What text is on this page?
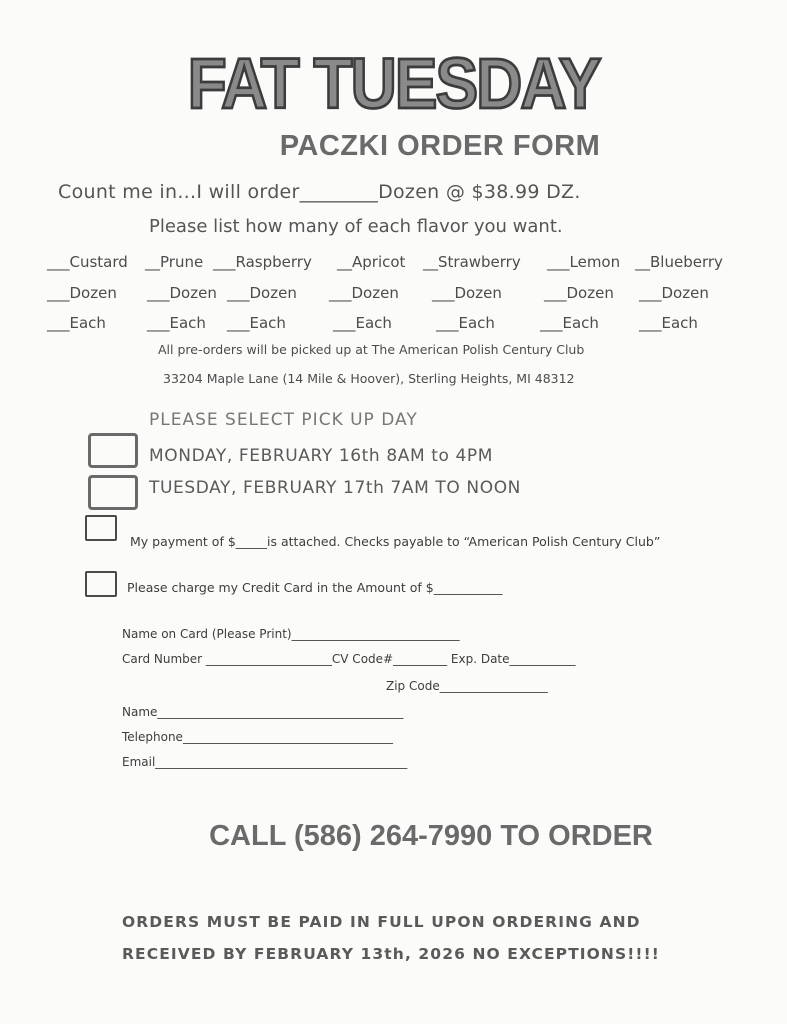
FAT TUESDAY
PACZKI ORDER FORM
Count me in...I will order________Dozen @ $38.99 DZ.
Please list how many of each flavor you want.
___Custard __Prune ___Raspberry __Apricot __Strawberry ___Lemon __Blueberry
___Dozen ___Dozen ___Dozen ___Dozen ___Dozen	___Dozen ___Dozen
___Each	___Each ___Each	___Each	___Each	___Each	___Each
All pre-orders will be picked up at The American Polish Century Club
33204 Maple Lane (14 Mile & Hoover), Sterling Heights, MI 48312
PLEASE SELECT PICK UP DAY
MONDAY, FEBRUARY 16th 8AM to 4PM
TUESDAY, FEBRUARY 17th 7AM TO NOON
My payment of $_____is attached. Checks payable to “American Polish Century Club”
Please charge my Credit Card in the Amount of $___________
Name on Card (Please Print)____________________________
Card Number _____________________CV Code#_________ Exp. Date___________
Zip Code__________________
Name_________________________________________
Telephone___________________________________
Email__________________________________________
CALL (586) 264-7990 TO ORDER
ORDERS MUST BE PAID IN FULL UPON ORDERING AND
RECEIVED BY FEBRUARY 13th, 2026 NO EXCEPTIONS!!!!
